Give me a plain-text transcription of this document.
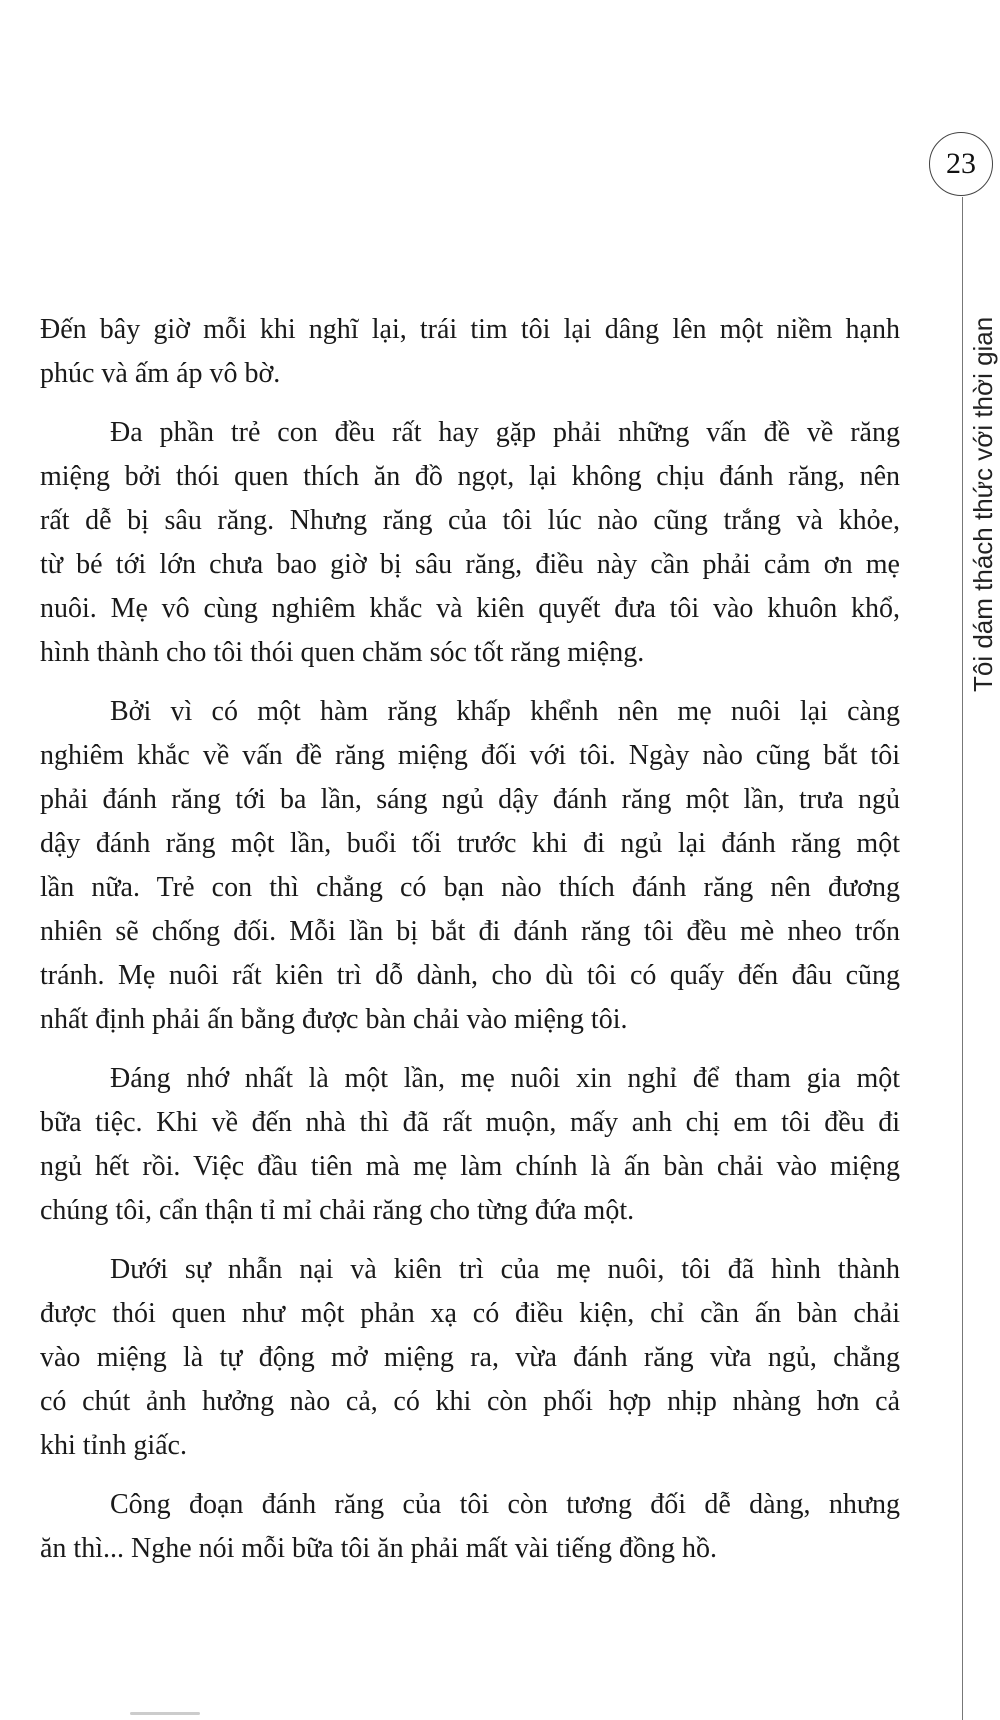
23
Tôi dám thách thức với thời gian
Đến bây giờ mỗi khi nghĩ lại, trái tim tôi lại dâng lên một niềm hạnh
phúc và ấm áp vô bờ.
Đa phần trẻ con đều rất hay gặp phải những vấn đề về răng
miệng bởi thói quen thích ăn đồ ngọt, lại không chịu đánh răng, nên
rất dễ bị sâu răng. Nhưng răng của tôi lúc nào cũng trắng và khỏe,
từ bé tới lớn chưa bao giờ bị sâu răng, điều này cần phải cảm ơn mẹ
nuôi. Mẹ vô cùng nghiêm khắc và kiên quyết đưa tôi vào khuôn khổ,
hình thành cho tôi thói quen chăm sóc tốt răng miệng.
Bởi vì có một hàm răng khấp khểnh nên mẹ nuôi lại càng
nghiêm khắc về vấn đề răng miệng đối với tôi. Ngày nào cũng bắt tôi
phải đánh răng tới ba lần, sáng ngủ dậy đánh răng một lần, trưa ngủ
dậy đánh răng một lần, buổi tối trước khi đi ngủ lại đánh răng một
lần nữa. Trẻ con thì chẳng có bạn nào thích đánh răng nên đương
nhiên sẽ chống đối. Mỗi lần bị bắt đi đánh răng tôi đều mè nheo trốn
tránh. Mẹ nuôi rất kiên trì dỗ dành, cho dù tôi có quấy đến đâu cũng
nhất định phải ấn bằng được bàn chải vào miệng tôi.
Đáng nhớ nhất là một lần, mẹ nuôi xin nghỉ để tham gia một
bữa tiệc. Khi về đến nhà thì đã rất muộn, mấy anh chị em tôi đều đi
ngủ hết rồi. Việc đầu tiên mà mẹ làm chính là ấn bàn chải vào miệng
chúng tôi, cẩn thận tỉ mỉ chải răng cho từng đứa một.
Dưới sự nhẫn nại và kiên trì của mẹ nuôi, tôi đã hình thành
được thói quen như một phản xạ có điều kiện, chỉ cần ấn bàn chải
vào miệng là tự động mở miệng ra, vừa đánh răng vừa ngủ, chẳng
có chút ảnh hưởng nào cả, có khi còn phối hợp nhịp nhàng hơn cả
khi tỉnh giấc.
Công đoạn đánh răng của tôi còn tương đối dễ dàng, nhưng
ăn thì... Nghe nói mỗi bữa tôi ăn phải mất vài tiếng đồng hồ.
